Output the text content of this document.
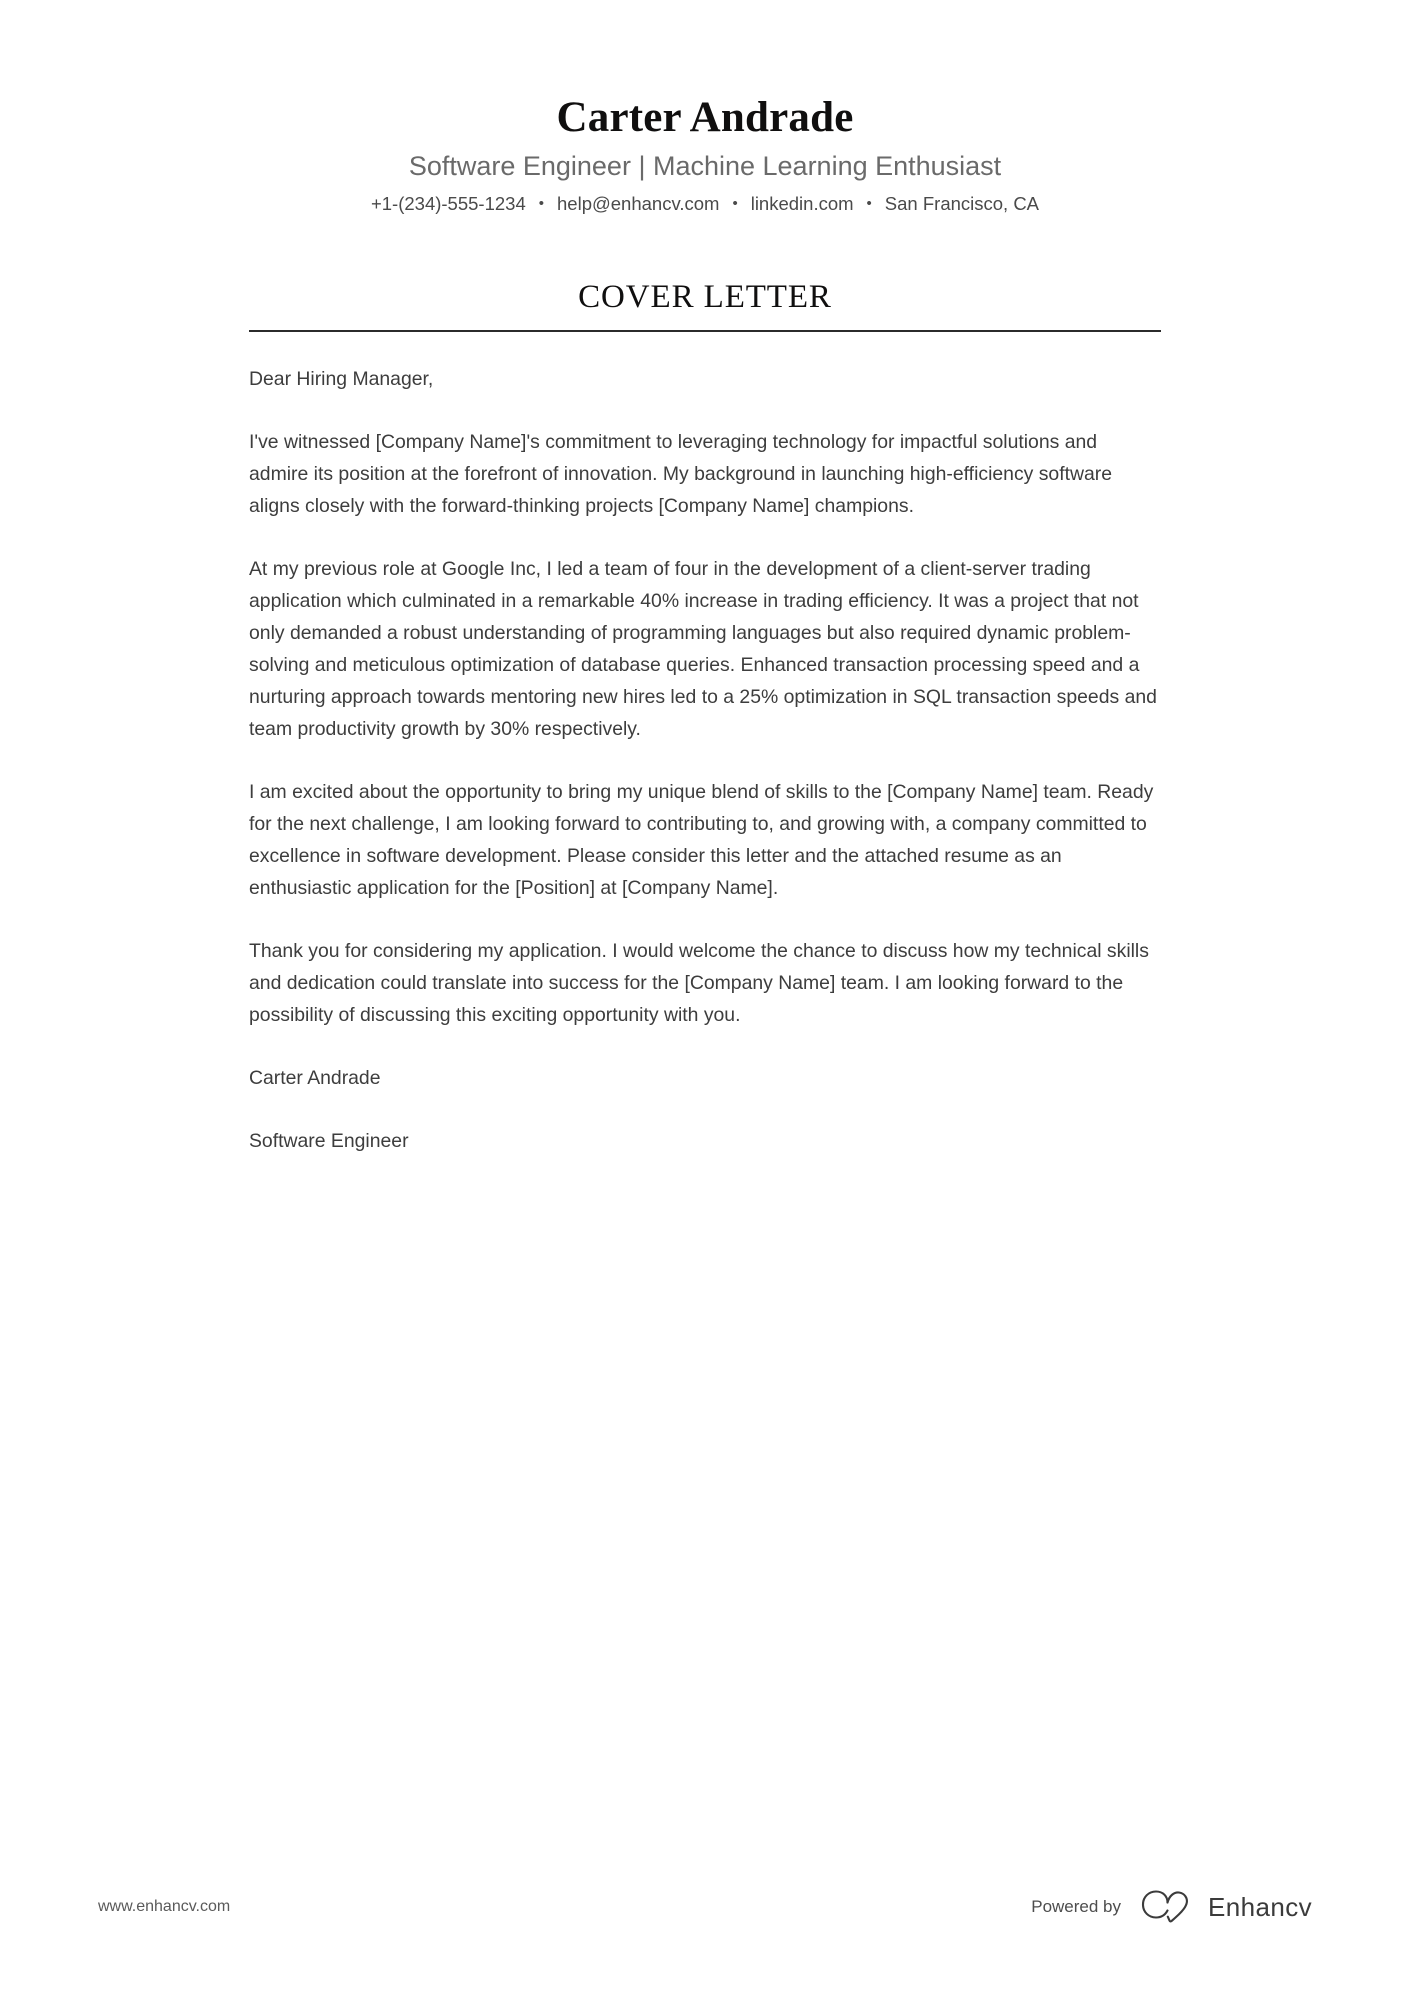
Carter Andrade
Software Engineer | Machine Learning Enthusiast
+1-(234)-555-1234 • help@enhancv.com • linkedin.com • San Francisco, CA
COVER LETTER

Dear Hiring Manager,

I've witnessed [Company Name]'s commitment to leveraging technology for impactful solutions and admire its position at the forefront of innovation. My background in launching high-efficiency software aligns closely with the forward-thinking projects [Company Name] champions.

At my previous role at Google Inc, I led a team of four in the development of a client-server trading application which culminated in a remarkable 40% increase in trading efficiency. It was a project that not only demanded a robust understanding of programming languages but also required dynamic problem-solving and meticulous optimization of database queries. Enhanced transaction processing speed and a nurturing approach towards mentoring new hires led to a 25% optimization in SQL transaction speeds and team productivity growth by 30% respectively.

I am excited about the opportunity to bring my unique blend of skills to the [Company Name] team. Ready for the next challenge, I am looking forward to contributing to, and growing with, a company committed to excellence in software development. Please consider this letter and the attached resume as an enthusiastic application for the [Position] at [Company Name].

Thank you for considering my application. I would welcome the chance to discuss how my technical skills and dedication could translate into success for the [Company Name] team. I am looking forward to the possibility of discussing this exciting opportunity with you.

Carter Andrade

Software Engineer

www.enhancv.com	Powered by	Enhancv
